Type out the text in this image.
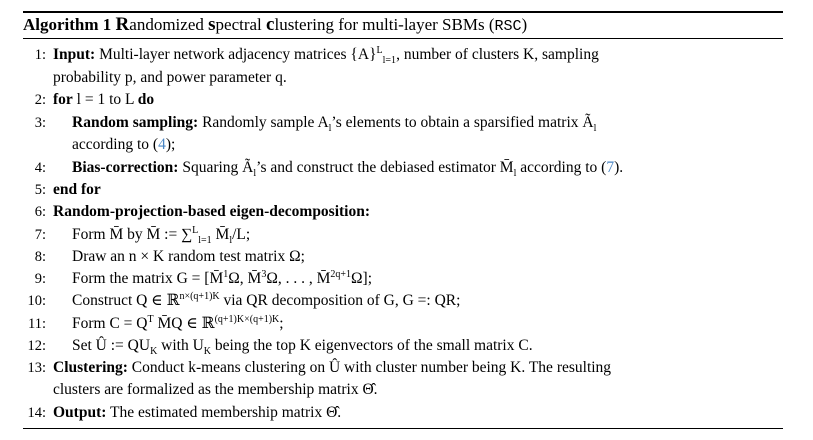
Algorithm 1 Randomized spectral clustering for multi-layer SBMs (RSC)
1: Input: Multi-layer network adjacency matrices $\{A\}^L_{l=1}$, number of clusters K, sampling
probability p, and power parameter q.
2: for l = 1 to L do
3: Random sampling: Randomly sample $A_l’s$ elements to obtain a sparsified matrix $Ã_l$
according to (4);
4: Bias-correction: Squaring $Ã_l’s$ and construct the debiased estimator $M̄_l$ according to (7).
5: end for
6: Random-projection-based eigen-decomposition:
7: Form M̄ by M̄ := ∑$^L_{l=1}$ $M̄_l/L$;
8: Draw an n × K random test matrix Ω;
9: Form the matrix G = [M̄$^1$Ω, M̄$^3$Ω, . . . , M̄$^{2q+1}$Ω];
10: Construct Q ∈ ℝ$^{n\times(q+1)K}$ via QR decomposition of G, G =: QR;
11: Form $C = Q^T$ M̄Q ∈ ℝ$^{(q+1)K\times(q+1)K}$;
12: Set Û := $QU_K$ with $U_K$ being the top K eigenvectors of the small matrix C.
13: Clustering: Conduct k-means clustering on Û with cluster number being K. The resulting
clusters are formalized as the membership matrix Θ̂.
14: Output: The estimated membership matrix Θ̂.
